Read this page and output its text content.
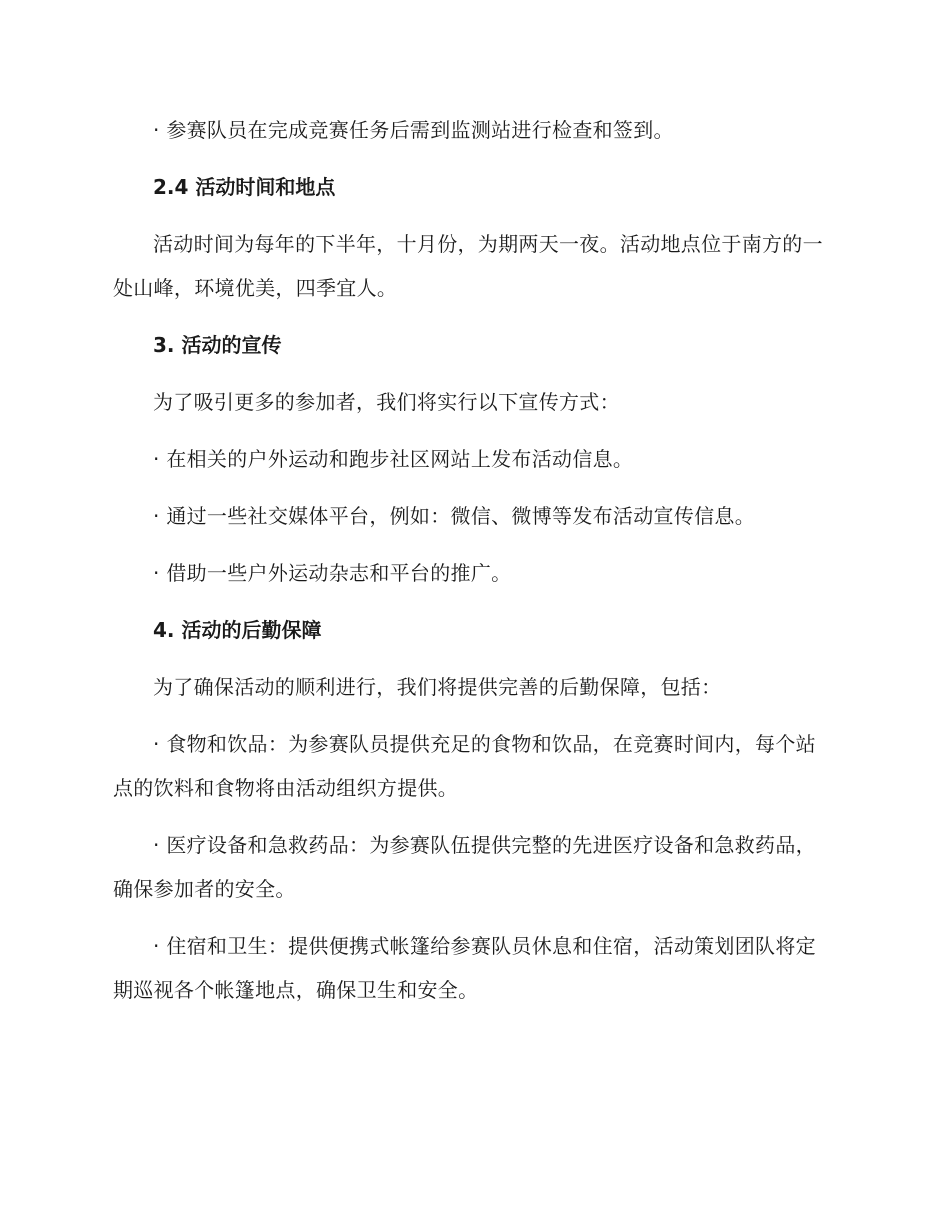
· 参赛队员在完成竞赛任务后需到监测站进行检查和签到。

2.4 活动时间和地点

活动时间为每年的下半年，十月份，为期两天一夜。活动地点位于南方的一处山峰，环境优美，四季宜人。

3. 活动的宣传

为了吸引更多的参加者，我们将实行以下宣传方式：

· 在相关的户外运动和跑步社区网站上发布活动信息。

· 通过一些社交媒体平台，例如：微信、微博等发布活动宣传信息。

· 借助一些户外运动杂志和平台的推广。

4. 活动的后勤保障

为了确保活动的顺利进行，我们将提供完善的后勤保障，包括：

· 食物和饮品：为参赛队员提供充足的食物和饮品，在竞赛时间内，每个站点的饮料和食物将由活动组织方提供。

· 医疗设备和急救药品：为参赛队伍提供完整的先进医疗设备和急救药品，确保参加者的安全。

· 住宿和卫生：提供便携式帐篷给参赛队员休息和住宿，活动策划团队将定期巡视各个帐篷地点，确保卫生和安全。
